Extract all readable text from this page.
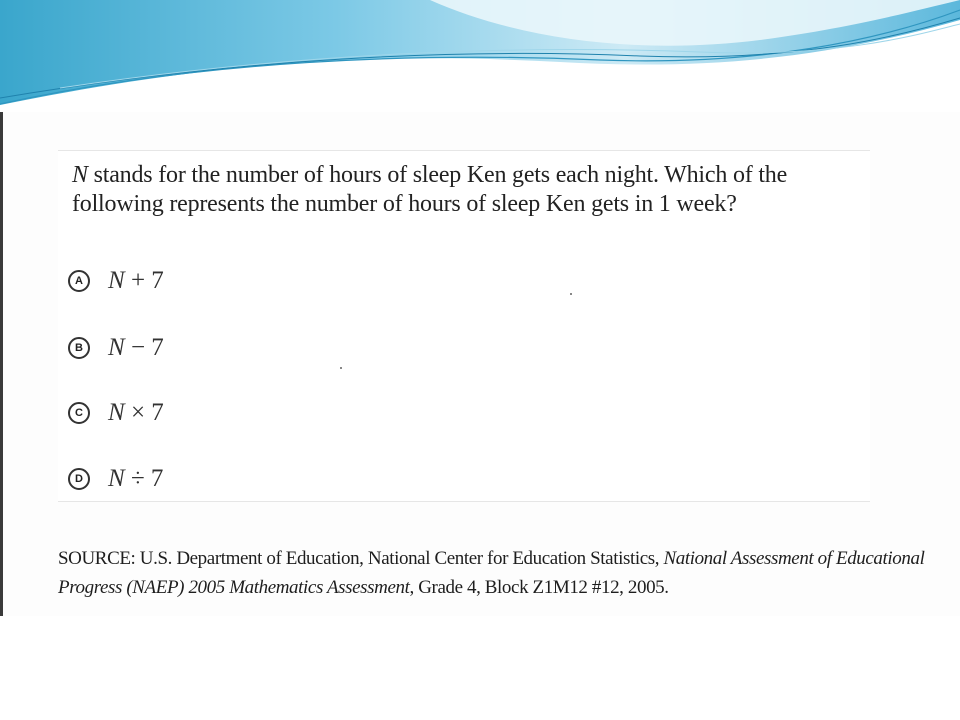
N stands for the number of hours of sleep Ken gets each night. Which of the following represents the number of hours of sleep Ken gets in 1 week?
A N + 7
B N − 7
C N × 7
D N ÷ 7
SOURCE: U.S. Department of Education, National Center for Education Statistics, National Assessment of Educational Progress (NAEP) 2005 Mathematics Assessment, Grade 4, Block Z1M12 #12, 2005.
